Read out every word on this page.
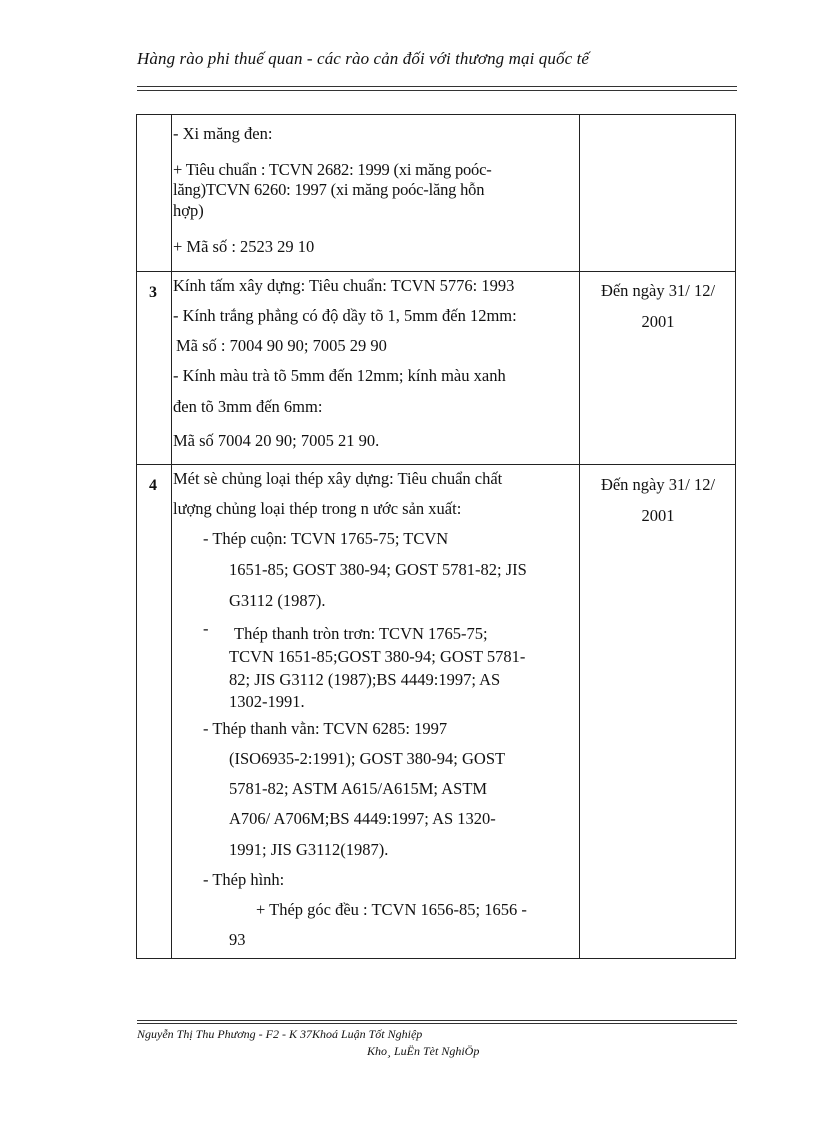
Hàng rào phi thuế quan - các rào cản đối với thương mại quốc tế
- Xi măng đen:
+ Tiêu chuẩn : TCVN 2682: 1999 (xi măng poóc-
lăng)TCVN 6260: 1997 (xi măng poóc-lăng hỗn
hợp)
+ Mã số : 2523 29 10
3 Kính tấm xây dựng: Tiêu chuẩn: TCVN 5776: 1993
- Kính trắng phẳng có độ dầy tõ 1, 5mm đến 12mm:
Mã số : 7004 90 90; 7005 29 90
- Kính màu trà tõ 5mm đến 12mm; kính màu xanh
đen tõ 3mm đến 6mm:
Mã số 7004 20 90; 7005 21 90.
Đến ngày 31/ 12/ 2001
4 Mét sè chủng loại thép xây dựng: Tiêu chuẩn chất
lượng chủng loại thép trong n ước sản xuất:
- Thép cuộn: TCVN 1765-75; TCVN
1651-85; GOST 380-94; GOST 5781-82; JIS
G3112 (1987).
- Thép thanh tròn trơn: TCVN 1765-75;
TCVN 1651-85;GOST 380-94; GOST 5781-
82; JIS G3112 (1987);BS 4449:1997; AS
1302-1991.
- Thép thanh vằn: TCVN 6285: 1997
(ISO6935-2:1991); GOST 380-94; GOST
5781-82; ASTM A615/A615M; ASTM
A706/ A706M;BS 4449:1997; AS 1320-
1991; JIS G3112(1987).
- Thép hình:
+ Thép góc đều : TCVN 1656-85; 1656 -
93
Đến ngày 31/ 12/ 2001
Nguyễn Thị Thu Phương - F2 - K 37Khoá Luận Tốt Nghiệp
Kho¸ LuËn Tèt NghiÖp
